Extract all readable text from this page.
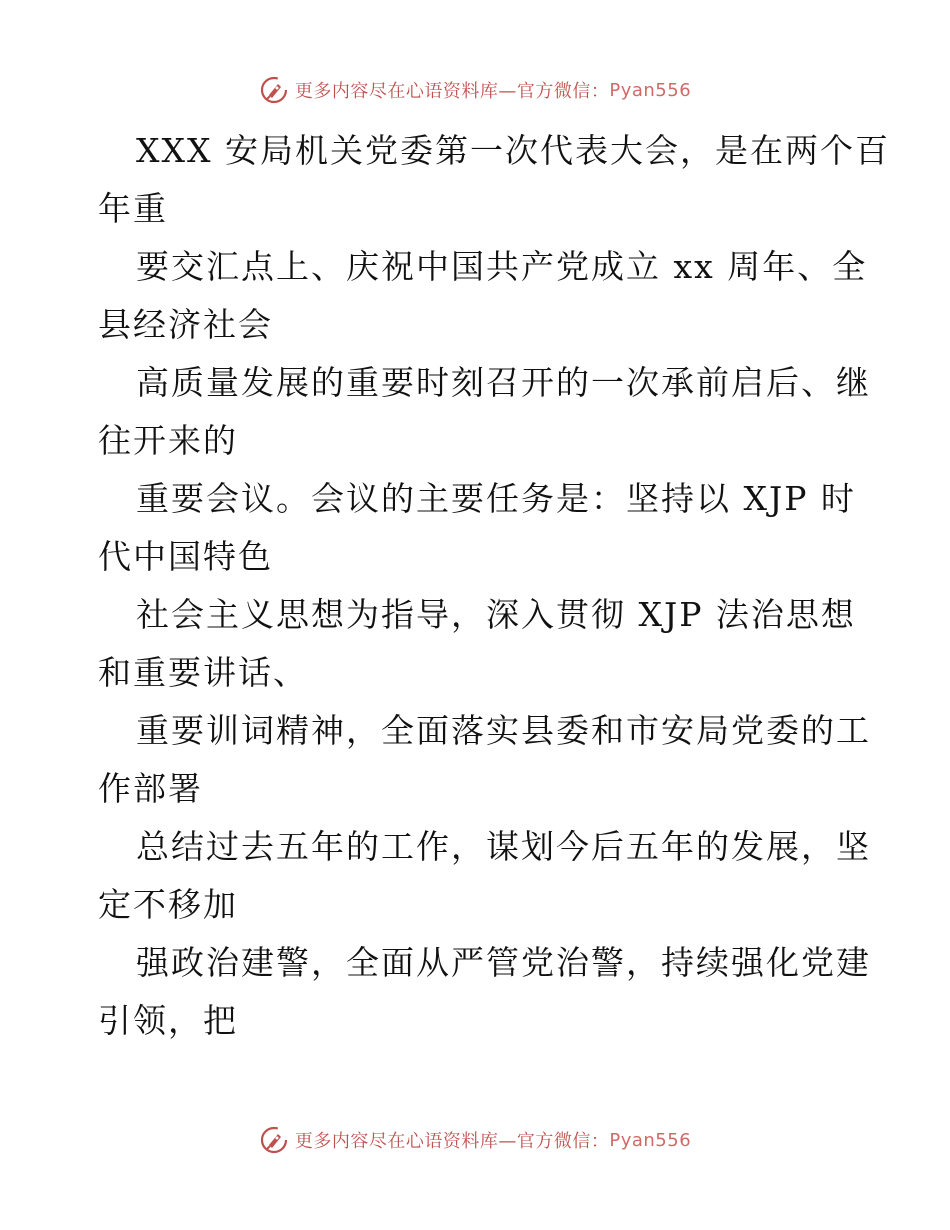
更多内容尽在心语资料库—官方微信： Pyan556

XXX 安局机关党委第一次代表大会，是在两个百
年重

要交汇点上、庆祝中国共产党成立 xx 周年、全
县经济社会

高质量发展的重要时刻召开的一次承前启后、继
往开来的

重要会议。会议的主要任务是：坚持以 XJP 时
代中国特色

社会主义思想为指导，深入贯彻 XJP 法治思想
和重要讲话、

重要训词精神，全面落实县委和市安局党委的工
作部署

总结过去五年的工作，谋划今后五年的发展，坚
定不移加

强政治建警，全面从严管党治警，持续强化党建
引领，把

更多内容尽在心语资料库—官方微信： Pyan556
